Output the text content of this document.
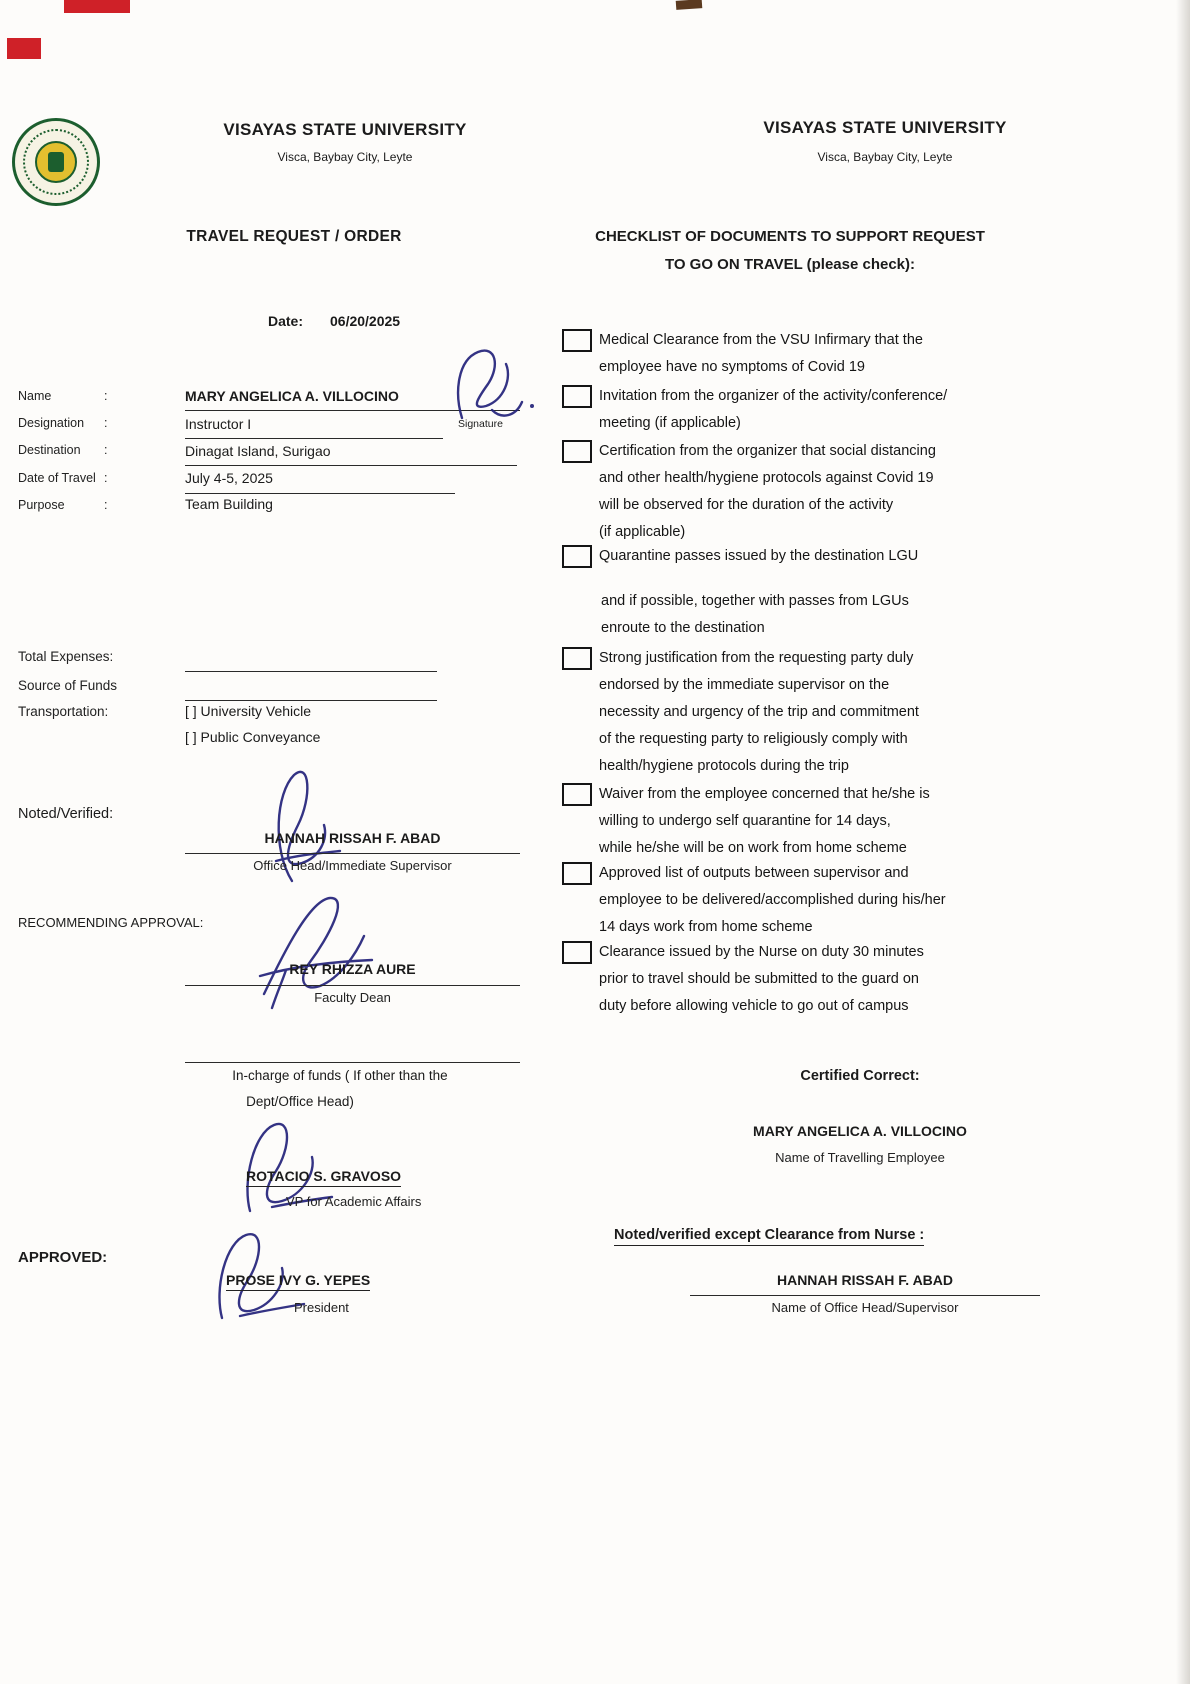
VISAYAS STATE UNIVERSITY
Visca, Baybay City, Leyte
TRAVEL REQUEST / ORDER
Date: 06/20/2025
Name	:	MARY ANGELICA A. VILLOCINO
Designation :	Instructor I
Destination :	Dinagat Island, Surigao
Date of Travel :	July 4-5, 2025
Purpose	:	Team Building
Signature
Total Expenses:
Source of Funds
Transportation:	[ ] University Vehicle
[ ] Public Conveyance
Noted/Verified:
HANNAH RISSAH F. ABAD
Office Head/Immediate Supervisor
RECOMMENDING APPROVAL:
REY RHIZZA AURE
Faculty Dean
In-charge of funds ( If other than the
Dept/Office Head)
ROTACIO S. GRAVOSO
VP for Academic Affairs
APPROVED:
PROSE IVY G. YEPES
President
VISAYAS STATE UNIVERSITY
Visca, Baybay City, Leyte
CHECKLIST OF DOCUMENTS TO SUPPORT REQUEST
TO GO ON TRAVEL (please check):
Medical Clearance from the VSU Infirmary that the
employee have no symptoms of Covid 19
Invitation from the organizer of the activity/conference/
meeting (if applicable)
Certification from the organizer that social distancing
and other health/hygiene protocols against Covid 19
will be observed for the duration of the activity
(if applicable)
Quarantine passes issued by the destination LGU
and if possible, together with passes from LGUs
enroute to the destination
Strong justification from the requesting party duly
endorsed by the immediate supervisor on the
necessity and urgency of the trip and commitment
of the requesting party to religiously comply with
health/hygiene protocols during the trip
Waiver from the employee concerned that he/she is
willing to undergo self quarantine for 14 days,
while he/she will be on work from home scheme
Approved list of outputs between supervisor and
employee to be delivered/accomplished during his/her
14 days work from home scheme
Clearance issued by the Nurse on duty 30 minutes
prior to travel should be submitted to the guard on
duty before allowing vehicle to go out of campus
Certified Correct:
MARY ANGELICA A. VILLOCINO
Name of Travelling Employee
Noted/verified except Clearance from Nurse :
HANNAH RISSAH F. ABAD
Name of Office Head/Supervisor
